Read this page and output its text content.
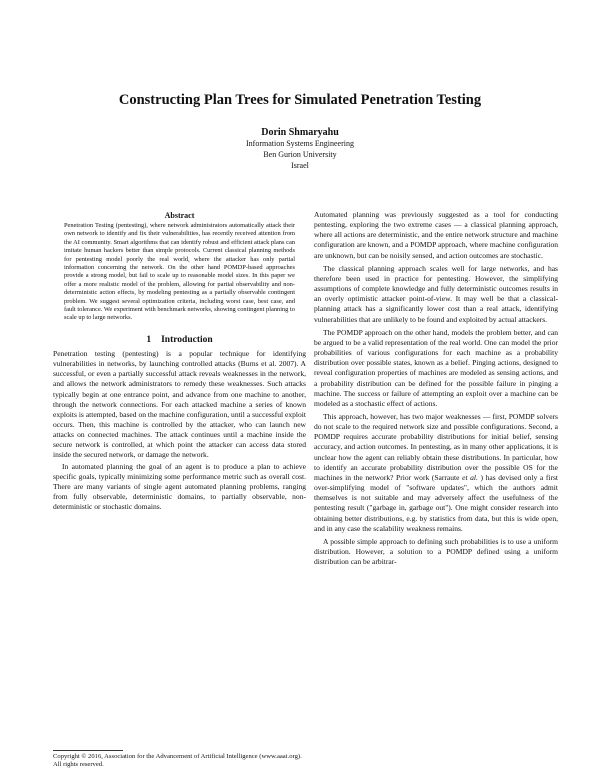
Constructing Plan Trees for Simulated Penetration Testing
Dorin Shmaryahu
Information Systems Engineering
Ben Gurion University
Israel
Abstract
Penetration Testing (pentesting), where network administrators automatically attack their own network to identify and fix their vulnerabilities, has recently received attention from the AI community. Smart algorithms that can identify robust and efficient attack plans can imitate human hackers better than simple protocols. Current classical planning methods for pentesting model poorly the real world, where the attacker has only partial information concerning the network. On the other hand POMDP-based approaches provide a strong model, but fail to scale up to reasonable model sizes. In this paper we offer a more realistic model of the problem, allowing for partial observability and non-deterministic action effects, by modeling pentesting as a partially observable contingent problem. We suggest several optimization criteria, including worst case, best case, and fault tolerance. We experiment with benchmark networks, showing contingent planning to scale up to large networks.
1 Introduction

Penetration testing (pentesting) is a popular technique for identifying vulnerabilities in networks, by launching controlled attacks (Burns et al. 2007). A successful, or even a partially successful attack reveals weaknesses in the network, and allows the network administrators to remedy these weaknesses. Such attacks typically begin at one entrance point, and advance from one machine to another, through the network connections. For each attacked machine a series of known exploits is attempted, based on the machine configuration, until a successful exploit occurs. Then, this machine is controlled by the attacker, who can launch new attacks on connected machines. The attack continues until a machine inside the secure network is controlled, at which point the attacker can access data stored inside the secured network, or damage the network.

In automated planning the goal of an agent is to produce a plan to achieve specific goals, typically minimizing some performance metric such as overall cost. There are many variants of single agent automated planning problems, ranging from fully observable, deterministic domains, to partially observable, non-deterministic or stochastic domains.

Automated planning was previously suggested as a tool for conducting pentesting, exploring the two extreme cases — a classical planning approach, where all actions are deterministic, and the entire network structure and machine configuration are known, and a POMDP approach, where machine configuration are unknown, but can be noisily sensed, and action outcomes are stochastic.

The classical planning approach scales well for large networks, and has therefore been used in practice for pentesting. However, the simplifying assumptions of complete knowledge and fully deterministic outcomes results in an overly optimistic attacker point-of-view. It may well be that a classical-planning attack has a significantly lower cost than a real attack, identifying vulnerabilities that are unlikely to be found and exploited by actual attackers.

The POMDP approach on the other hand, models the problem better, and can be argued to be a valid representation of the real world. One can model the prior probabilities of various configurations for each machine as a probability distribution over possible states, known as a belief. Pinging actions, designed to reveal configuration properties of machines are modeled as sensing actions, and a probability distribution can be defined for the possible failure in pinging a machine. The success or failure of attempting an exploit over a machine can be modeled as a stochastic effect of actions.

This approach, however, has two major weaknesses — first, POMDP solvers do not scale to the required network size and possible configurations. Second, a POMDP requires accurate probability distributions for initial belief, sensing accuracy, and action outcomes. In pentesting, as in many other applications, it is unclear how the agent can reliably obtain these distributions. In particular, how to identify an accurate probability distribution over the possible OS for the machines in the network? Prior work (Sarraute et al. ) has devised only a first over-simplifying model of "software updates", which the authors admit themselves is not suitable and may adversely affect the usefulness of the pentesting result ("garbage in, garbage out"). One might consider research into obtaining better distributions, e.g. by statistics from data, but this is wide open, and in any case the scalability weakness remains.

A possible simple approach to defining such probabilities is to use a uniform distribution. However, a solution to a POMDP defined using a uniform distribution can be arbitrar-

Copyright © 2016, Association for the Advancement of Artificial Intelligence (www.aaai.org). All rights reserved.
